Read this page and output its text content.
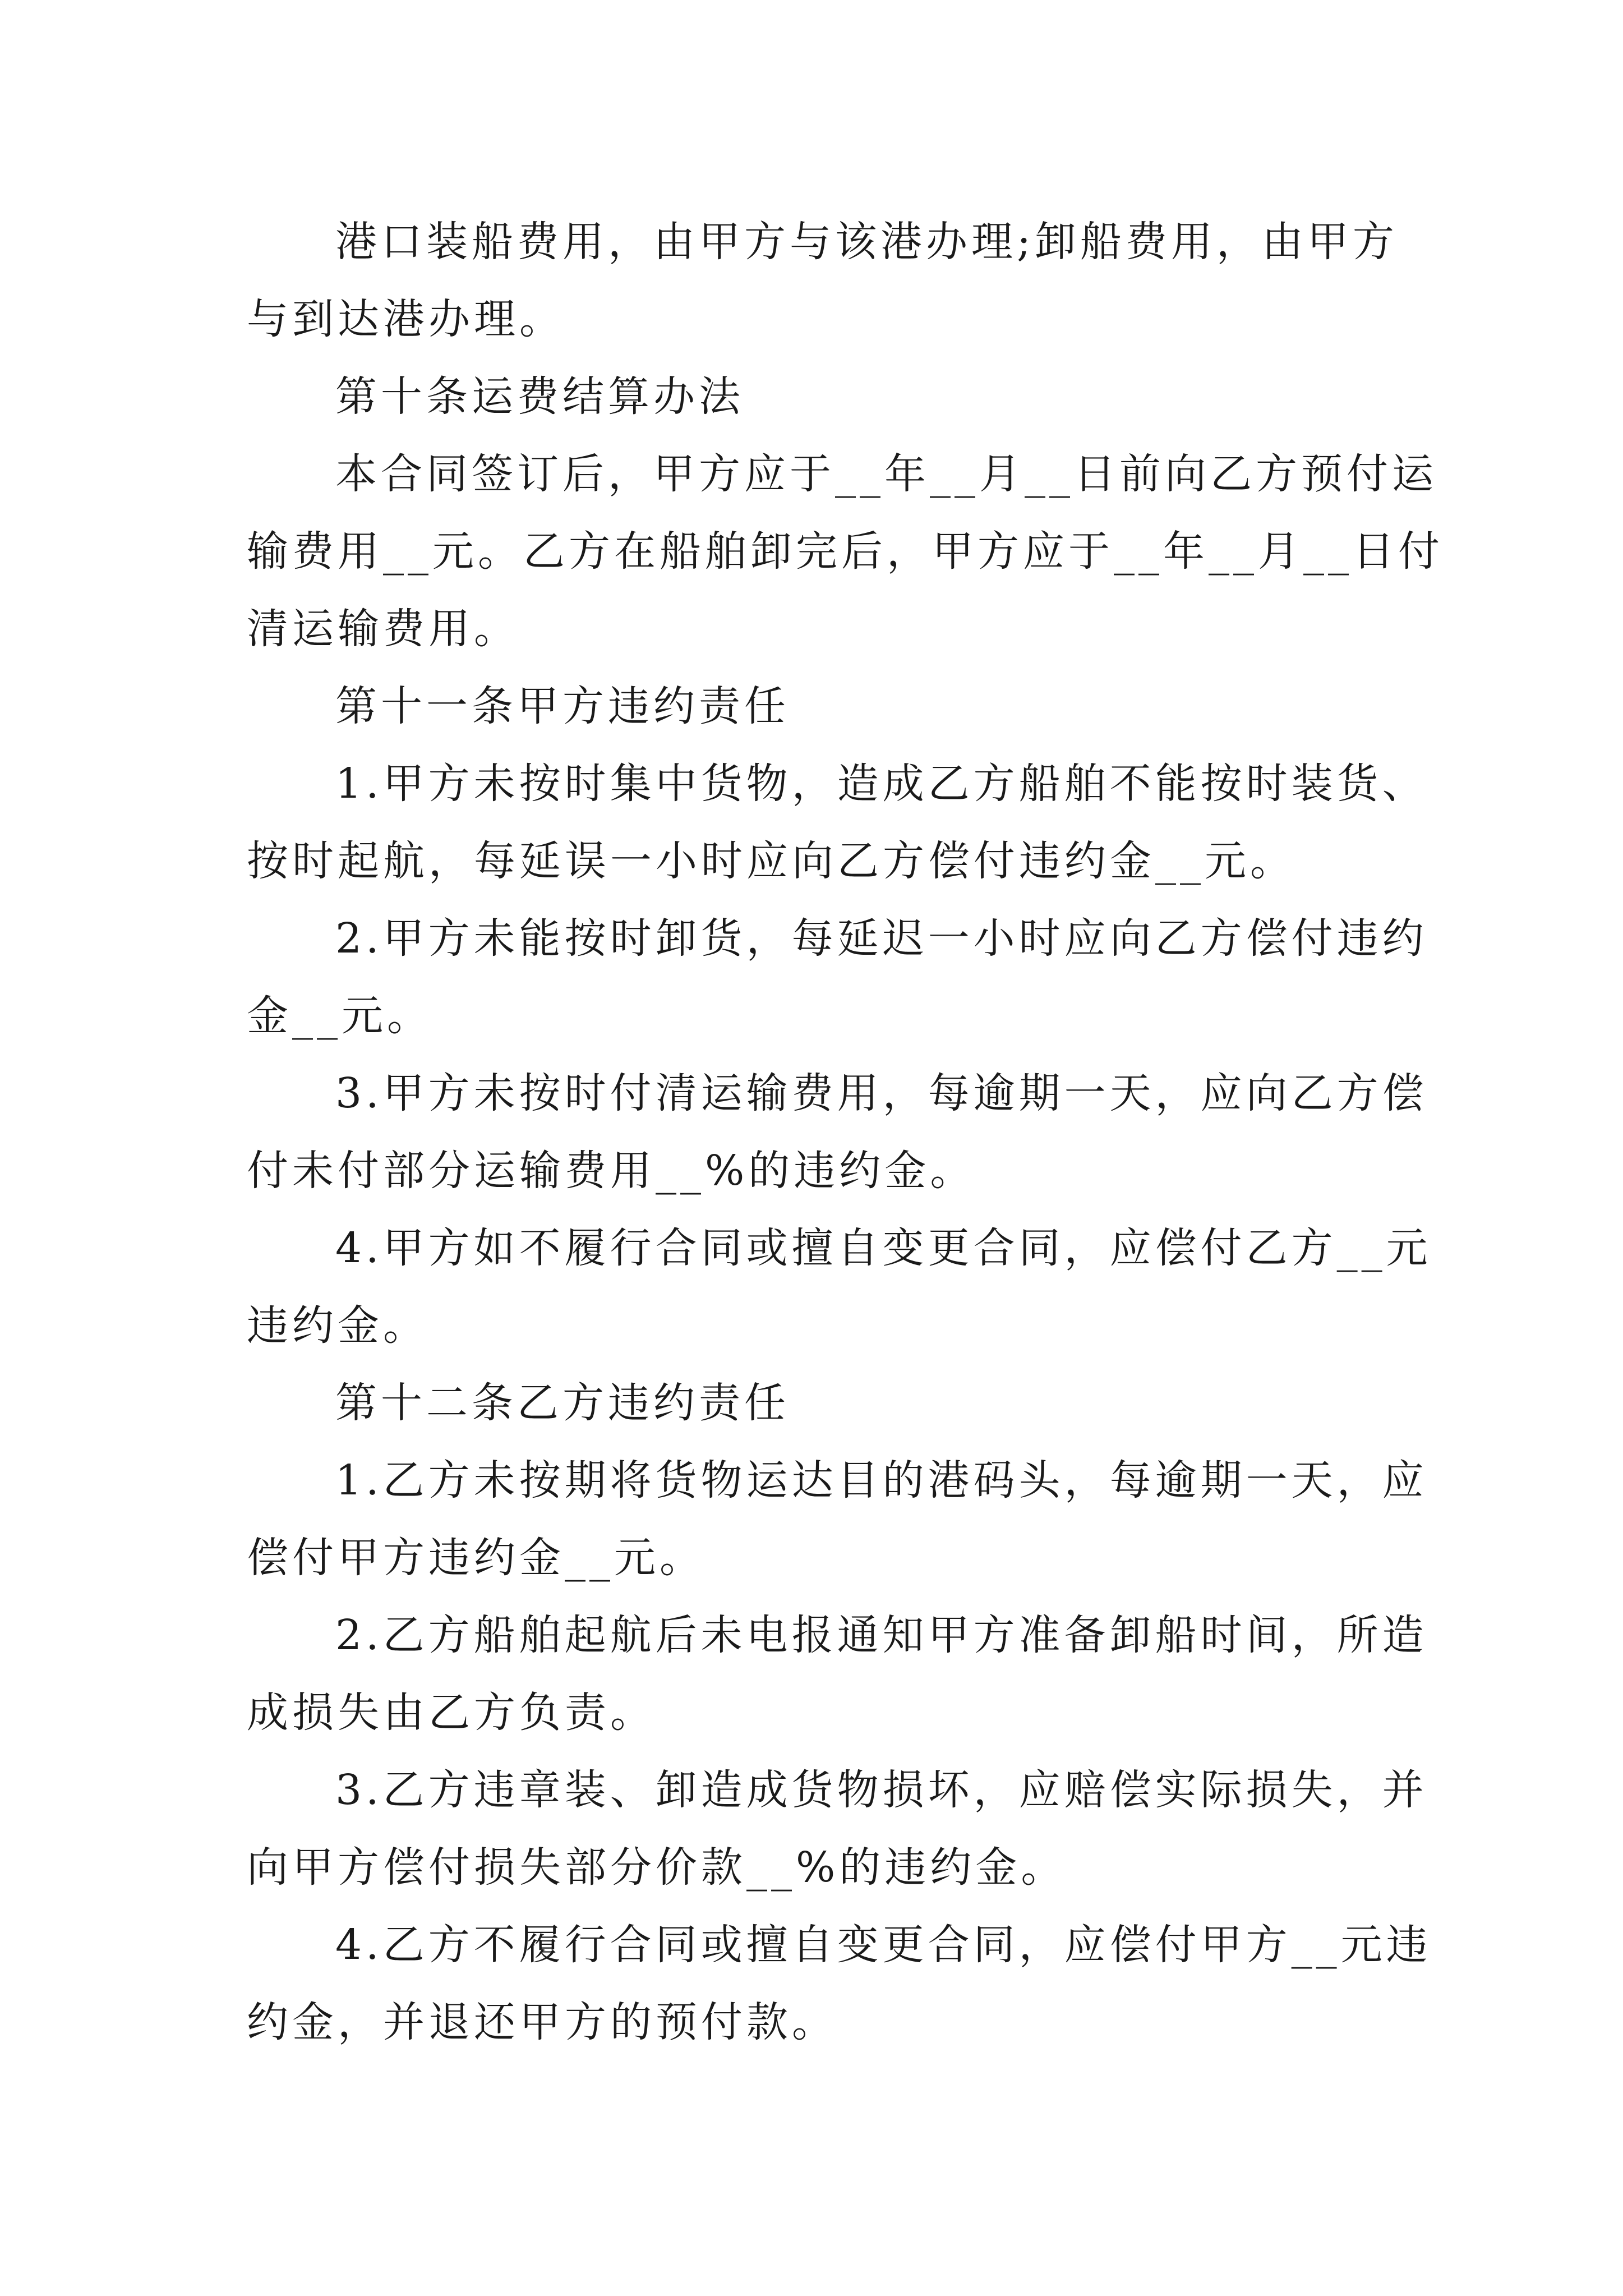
港口装船费用，由甲方与该港办理;卸船费用，由甲方
与到达港办理。
第十条运费结算办法
本合同签订后，甲方应于__年__月__日前向乙方预付运
输费用__元。乙方在船舶卸完后，甲方应于__年__月__日付
清运输费用。
第十一条甲方违约责任
1.甲方未按时集中货物，造成乙方船舶不能按时装货、
按时起航，每延误一小时应向乙方偿付违约金__元。
2.甲方未能按时卸货，每延迟一小时应向乙方偿付违约
金__元。
3.甲方未按时付清运输费用，每逾期一天，应向乙方偿
付未付部分运输费用__%的违约金。
4.甲方如不履行合同或擅自变更合同，应偿付乙方__元
违约金。
第十二条乙方违约责任
1.乙方未按期将货物运达目的港码头，每逾期一天，应
偿付甲方违约金__元。
2.乙方船舶起航后未电报通知甲方准备卸船时间，所造
成损失由乙方负责。
3.乙方违章装、卸造成货物损坏，应赔偿实际损失，并
向甲方偿付损失部分价款__%的违约金。
4.乙方不履行合同或擅自变更合同，应偿付甲方__元违
约金，并退还甲方的预付款。
